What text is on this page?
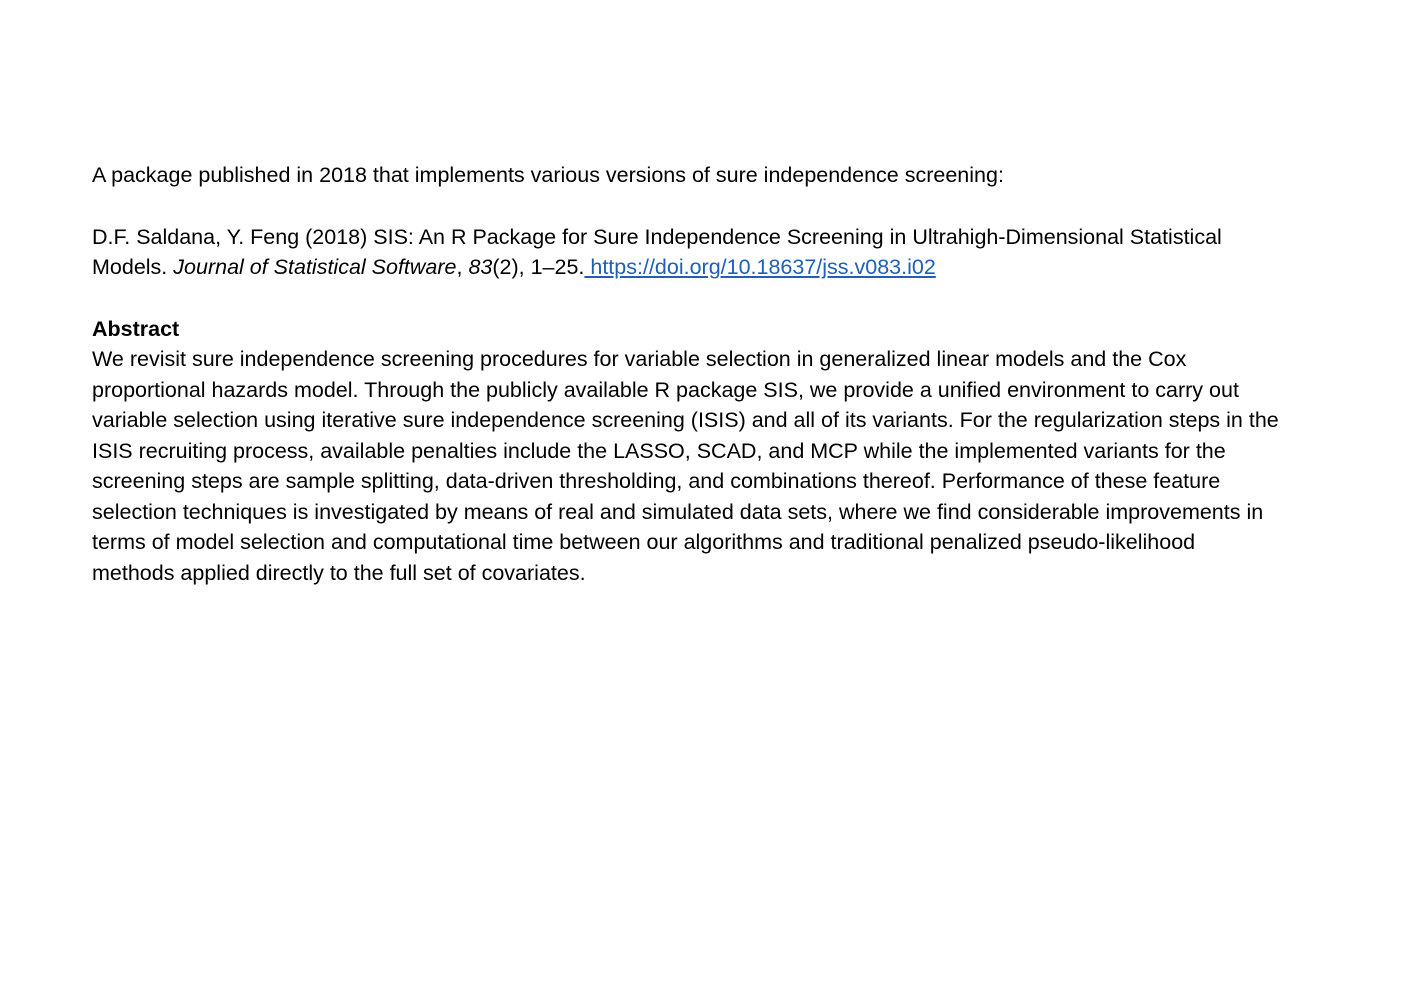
A package published in 2018 that implements various versions of sure independence screening:

D.F. Saldana, Y. Feng (2018) SIS: An R Package for Sure Independence Screening in Ultrahigh-Dimensional Statistical Models. Journal of Statistical Software, 83(2), 1–25. https://doi.org/10.18637/jss.v083.i02

Abstract

We revisit sure independence screening procedures for variable selection in generalized linear models and the Cox proportional hazards model. Through the publicly available R package SIS, we provide a unified environment to carry out variable selection using iterative sure independence screening (ISIS) and all of its variants. For the regularization steps in the ISIS recruiting process, available penalties include the LASSO, SCAD, and MCP while the implemented variants for the screening steps are sample splitting, data-driven thresholding, and combinations thereof. Performance of these feature selection techniques is investigated by means of real and simulated data sets, where we find considerable improvements in terms of model selection and computational time between our algorithms and traditional penalized pseudo-likelihood methods applied directly to the full set of covariates.
